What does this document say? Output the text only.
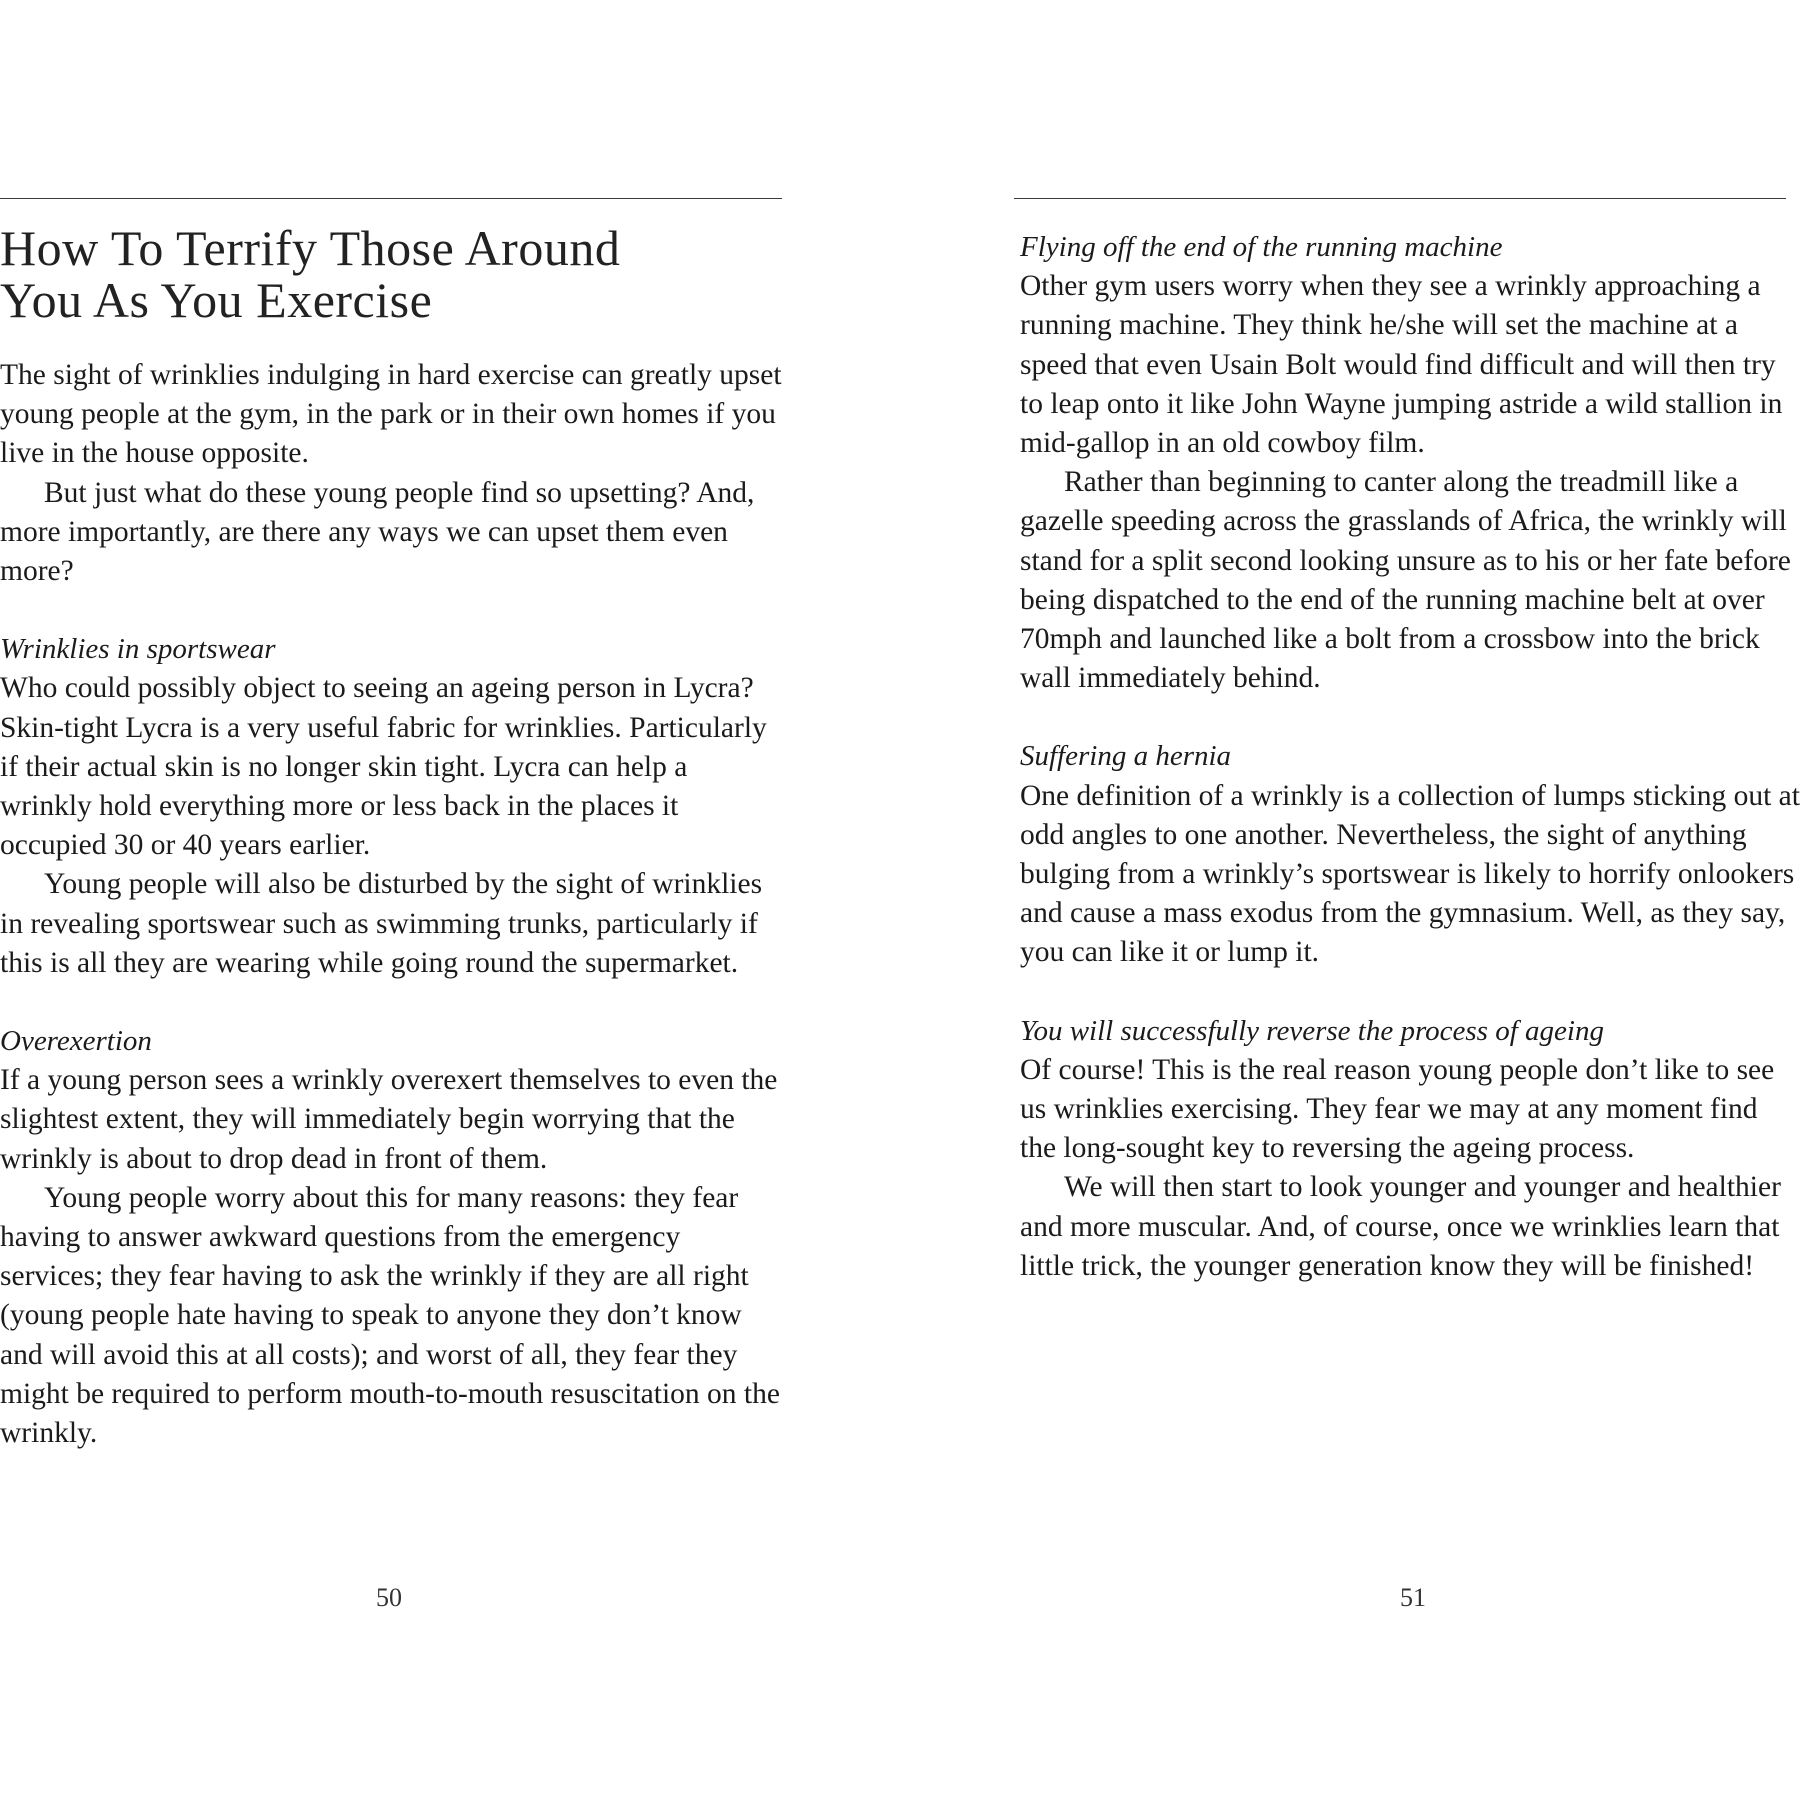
How To Terrify Those Around
You As You Exercise

The sight of wrinklies indulging in hard exercise can greatly upset young people at the gym, in the park or in their own homes if you live in the house opposite.

But just what do these young people find so upsetting? And, more importantly, are there any ways we can upset them even more?

Wrinklies in sportswear

Who could possibly object to seeing an ageing person in Lycra? Skin-tight Lycra is a very useful fabric for wrinklies. Particularly if their actual skin is no longer skin tight. Lycra can help a wrinkly hold everything more or less back in the places it occupied 30 or 40 years earlier.

Young people will also be disturbed by the sight of wrinklies in revealing sportswear such as swimming trunks, particularly if this is all they are wearing while going round the supermarket.

Overexertion

If a young person sees a wrinkly overexert themselves to even the slightest extent, they will immediately begin worrying that the wrinkly is about to drop dead in front of them.

Young people worry about this for many reasons: they fear having to answer awkward questions from the emergency services; they fear having to ask the wrinkly if they are all right (young people hate having to speak to anyone they don’t know and will avoid this at all costs); and worst of all, they fear they might be required to perform mouth-to-mouth resuscitation on the wrinkly.

50

Flying off the end of the running machine

Other gym users worry when they see a wrinkly approaching a running machine. They think he/she will set the machine at a speed that even Usain Bolt would find difficult and will then try to leap onto it like John Wayne jumping astride a wild stallion in mid-gallop in an old cowboy film.

Rather than beginning to canter along the treadmill like a gazelle speeding across the grasslands of Africa, the wrinkly will stand for a split second looking unsure as to his or her fate before being dispatched to the end of the running machine belt at over 70mph and launched like a bolt from a crossbow into the brick wall immediately behind.

Suffering a hernia

One definition of a wrinkly is a collection of lumps sticking out at odd angles to one another. Nevertheless, the sight of anything bulging from a wrinkly’s sportswear is likely to horrify onlookers and cause a mass exodus from the gymnasium. Well, as they say, you can like it or lump it.

You will successfully reverse the process of ageing

Of course! This is the real reason young people don’t like to see us wrinklies exercising. They fear we may at any moment find the long-sought key to reversing the ageing process.

We will then start to look younger and younger and healthier and more muscular. And, of course, once we wrinklies learn that little trick, the younger generation know they will be finished!

51
